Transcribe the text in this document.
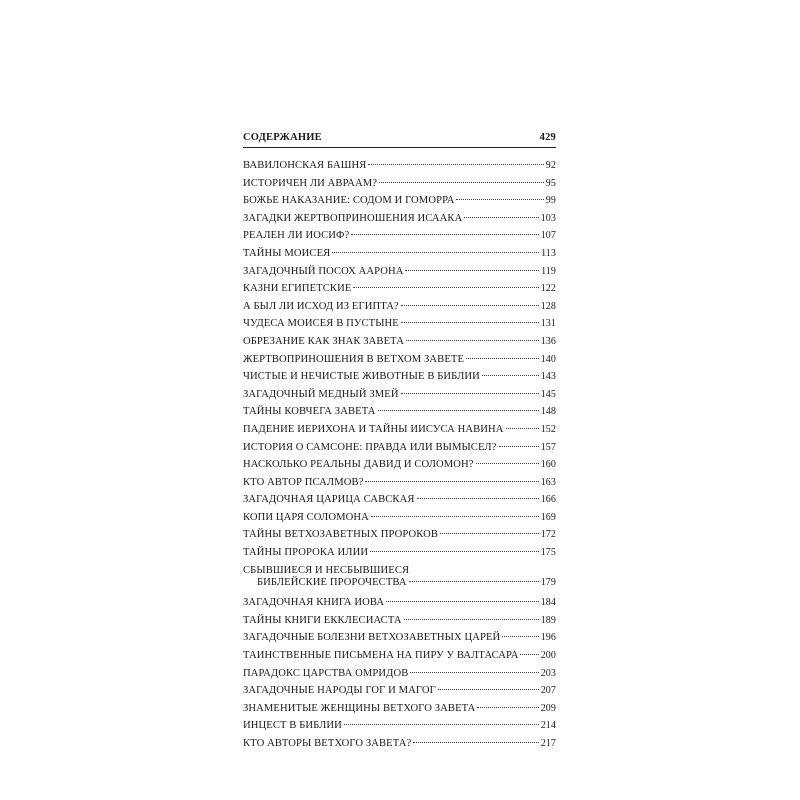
СОДЕРЖАНИЕ	429
ВАВИЛОНСКАЯ БАШНЯ	92
ИСТОРИЧЕН ЛИ АВРААМ?	95
БОЖЬЕ НАКАЗАНИЕ: СОДОМ И ГОМОРРА	99
ЗАГАДКИ ЖЕРТВОПРИНОШЕНИЯ ИСААКА	103
РЕАЛЕН ЛИ ИОСИФ?	107
ТАЙНЫ МОИСЕЯ	113
ЗАГАДОЧНЫЙ ПОСОХ ААРОНА	119
КАЗНИ ЕГИПЕТСКИЕ	122
А БЫЛ ЛИ ИСХОД ИЗ ЕГИПТА?	128
ЧУДЕСА МОИСЕЯ В ПУСТЫНЕ	131
ОБРЕЗАНИЕ КАК ЗНАК ЗАВЕТА	136
ЖЕРТВОПРИНОШЕНИЯ В ВЕТХОМ ЗАВЕТЕ	140
ЧИСТЫЕ И НЕЧИСТЫЕ ЖИВОТНЫЕ В БИБЛИИ	143
ЗАГАДОЧНЫЙ МЕДНЫЙ ЗМЕЙ	145
ТАЙНЫ КОВЧЕГА ЗАВЕТА	148
ПАДЕНИЕ ИЕРИХОНА И ТАЙНЫ ИИСУСА НАВИНА	152
ИСТОРИЯ О САМСОНЕ: ПРАВДА ИЛИ ВЫМЫСЕЛ?	157
НАСКОЛЬКО РЕАЛЬНЫ ДАВИД И СОЛОМОН?	160
КТО АВТОР ПСАЛМОВ?	163
ЗАГАДОЧНАЯ ЦАРИЦА САВСКАЯ	166
КОПИ ЦАРЯ СОЛОМОНА	169
ТАЙНЫ ВЕТХОЗАВЕТНЫХ ПРОРОКОВ	172
ТАЙНЫ ПРОРОКА ИЛИИ	175
СБЫВШИЕСЯ И НЕСБЫВШИЕСЯ
БИБЛЕЙСКИЕ ПРОРОЧЕСТВА	179
ЗАГАДОЧНАЯ КНИГА ИОВА	184
ТАЙНЫ КНИГИ ЕККЛЕСИАСТА	189
ЗАГАДОЧНЫЕ БОЛЕЗНИ ВЕТХОЗАВЕТНЫХ ЦАРЕЙ	196
ТАИНСТВЕННЫЕ ПИСЬМЕНА НА ПИРУ У ВАЛТАСАРА 200
ПАРАДОКС ЦАРСТВА ОМРИДОВ	203
ЗАГАДОЧНЫЕ НАРОДЫ ГОГ И МАГОГ	207
ЗНАМЕНИТЫЕ ЖЕНЩИНЫ ВЕТХОГО ЗАВЕТА	209
ИНЦЕСТ В БИБЛИИ	214
КТО АВТОРЫ ВЕТХОГО ЗАВЕТА?	217
